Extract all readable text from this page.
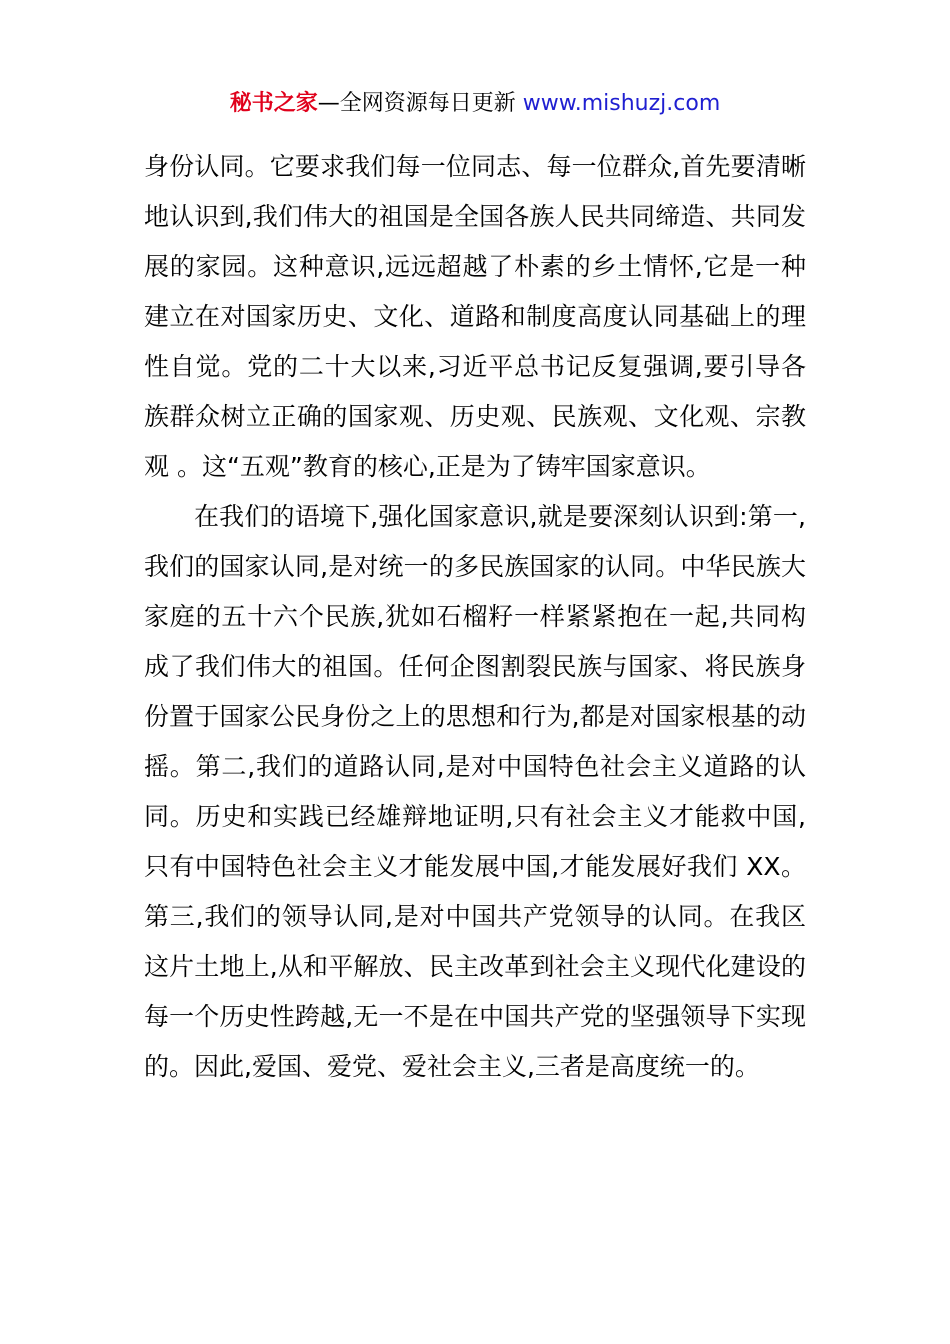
秘书之家—全网资源每日更新 www.mishuzj.com

身份认同。它要求我们每一位同志、每一位群众,首先要清晰地认识到,我们伟大的祖国是全国各族人民共同缔造、共同发展的家园。这种意识,远远超越了朴素的乡土情怀,它是一种建立在对国家历史、文化、道路和制度高度认同基础上的理性自觉。党的二十大以来,习近平总书记反复强调,要引导各族群众树立正确的国家观、历史观、民族观、文化观、宗教观 。这“五观”教育的核心,正是为了铸牢国家意识。

在我们的语境下,强化国家意识,就是要深刻认识到:第一,我们的国家认同,是对统一的多民族国家的认同。中华民族大家庭的五十六个民族,犹如石榴籽一样紧紧抱在一起,共同构成了我们伟大的祖国。任何企图割裂民族与国家、将民族身份置于国家公民身份之上的思想和行为,都是对国家根基的动摇。第二,我们的道路认同,是对中国特色社会主义道路的认同。历史和实践已经雄辩地证明,只有社会主义才能救中国,只有中国特色社会主义才能发展中国,才能发展好我们 XX。第三,我们的领导认同,是对中国共产党领导的认同。在我区这片土地上,从和平解放、民主改革到社会主义现代化建设的每一个历史性跨越,无一不是在中国共产党的坚强领导下实现的。因此,爱国、爱党、爱社会主义,三者是高度统一的。
